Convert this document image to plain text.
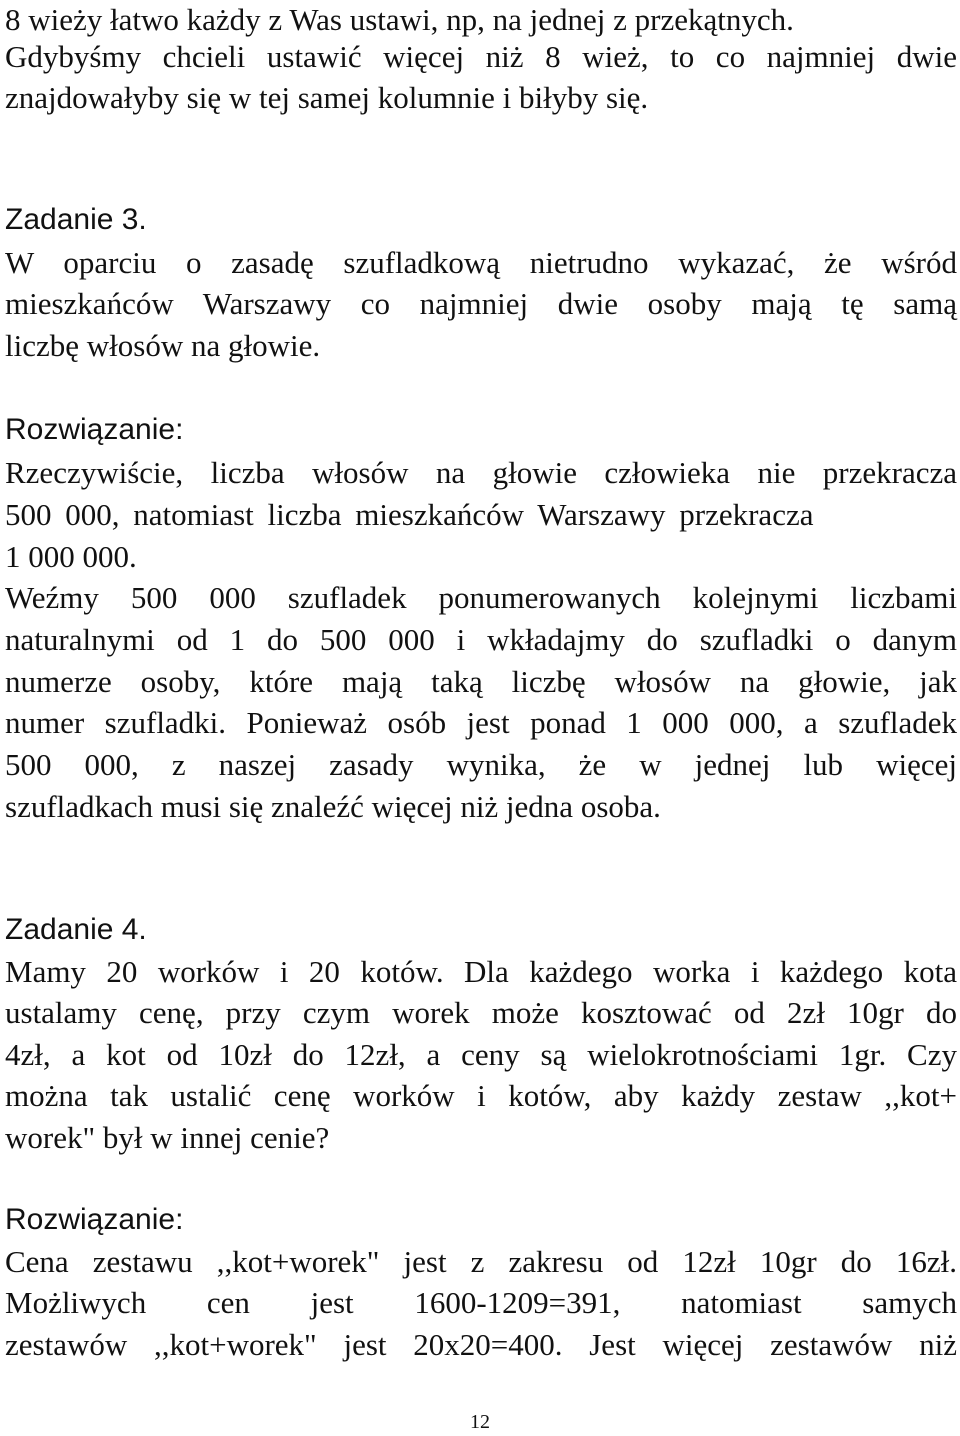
8 wieży łatwo każdy z Was ustawi, np, na jednej z przekątnych.
Gdybyśmy chcieli ustawić więcej niż 8 wież, to co najmniej dwie
znajdowałyby się w tej samej kolumnie i biłyby się.
Zadanie 3.
W oparciu o zasadę szufladkową nietrudno wykazać, że wśród
mieszkańców Warszawy co najmniej dwie osoby mają tę samą
liczbę włosów na głowie.
Rozwiązanie:
Rzeczywiście, liczba włosów na głowie człowieka nie przekracza
500 000, natomiast liczba mieszkańców Warszawy przekracza
1 000 000.
Weźmy 500 000 szufladek ponumerowanych kolejnymi liczbami
naturalnymi od 1 do 500 000 i wkładajmy do szufladki o danym
numerze osoby, które mają taką liczbę włosów na głowie, jak
numer szufladki. Ponieważ osób jest ponad 1 000 000, a szufladek
500 000, z naszej zasady wynika, że w jednej lub więcej
szufladkach musi się znaleźć więcej niż jedna osoba.
Zadanie 4.
Mamy 20 worków i 20 kotów. Dla każdego worka i każdego kota
ustalamy cenę, przy czym worek może kosztować od 2zł 10gr do
4zł, a kot od 10zł do 12zł, a ceny są wielokrotnościami 1gr. Czy
można tak ustalić cenę worków i kotów, aby każdy zestaw ,,kot+
worek" był w innej cenie?
Rozwiązanie:
Cena zestawu ,,kot+worek" jest z zakresu od 12zł 10gr do 16zł.
Możliwych cen jest 1600-1209=391, natomiast samych
zestawów ,,kot+worek" jest 20x20=400. Jest więcej zestawów niż
12
